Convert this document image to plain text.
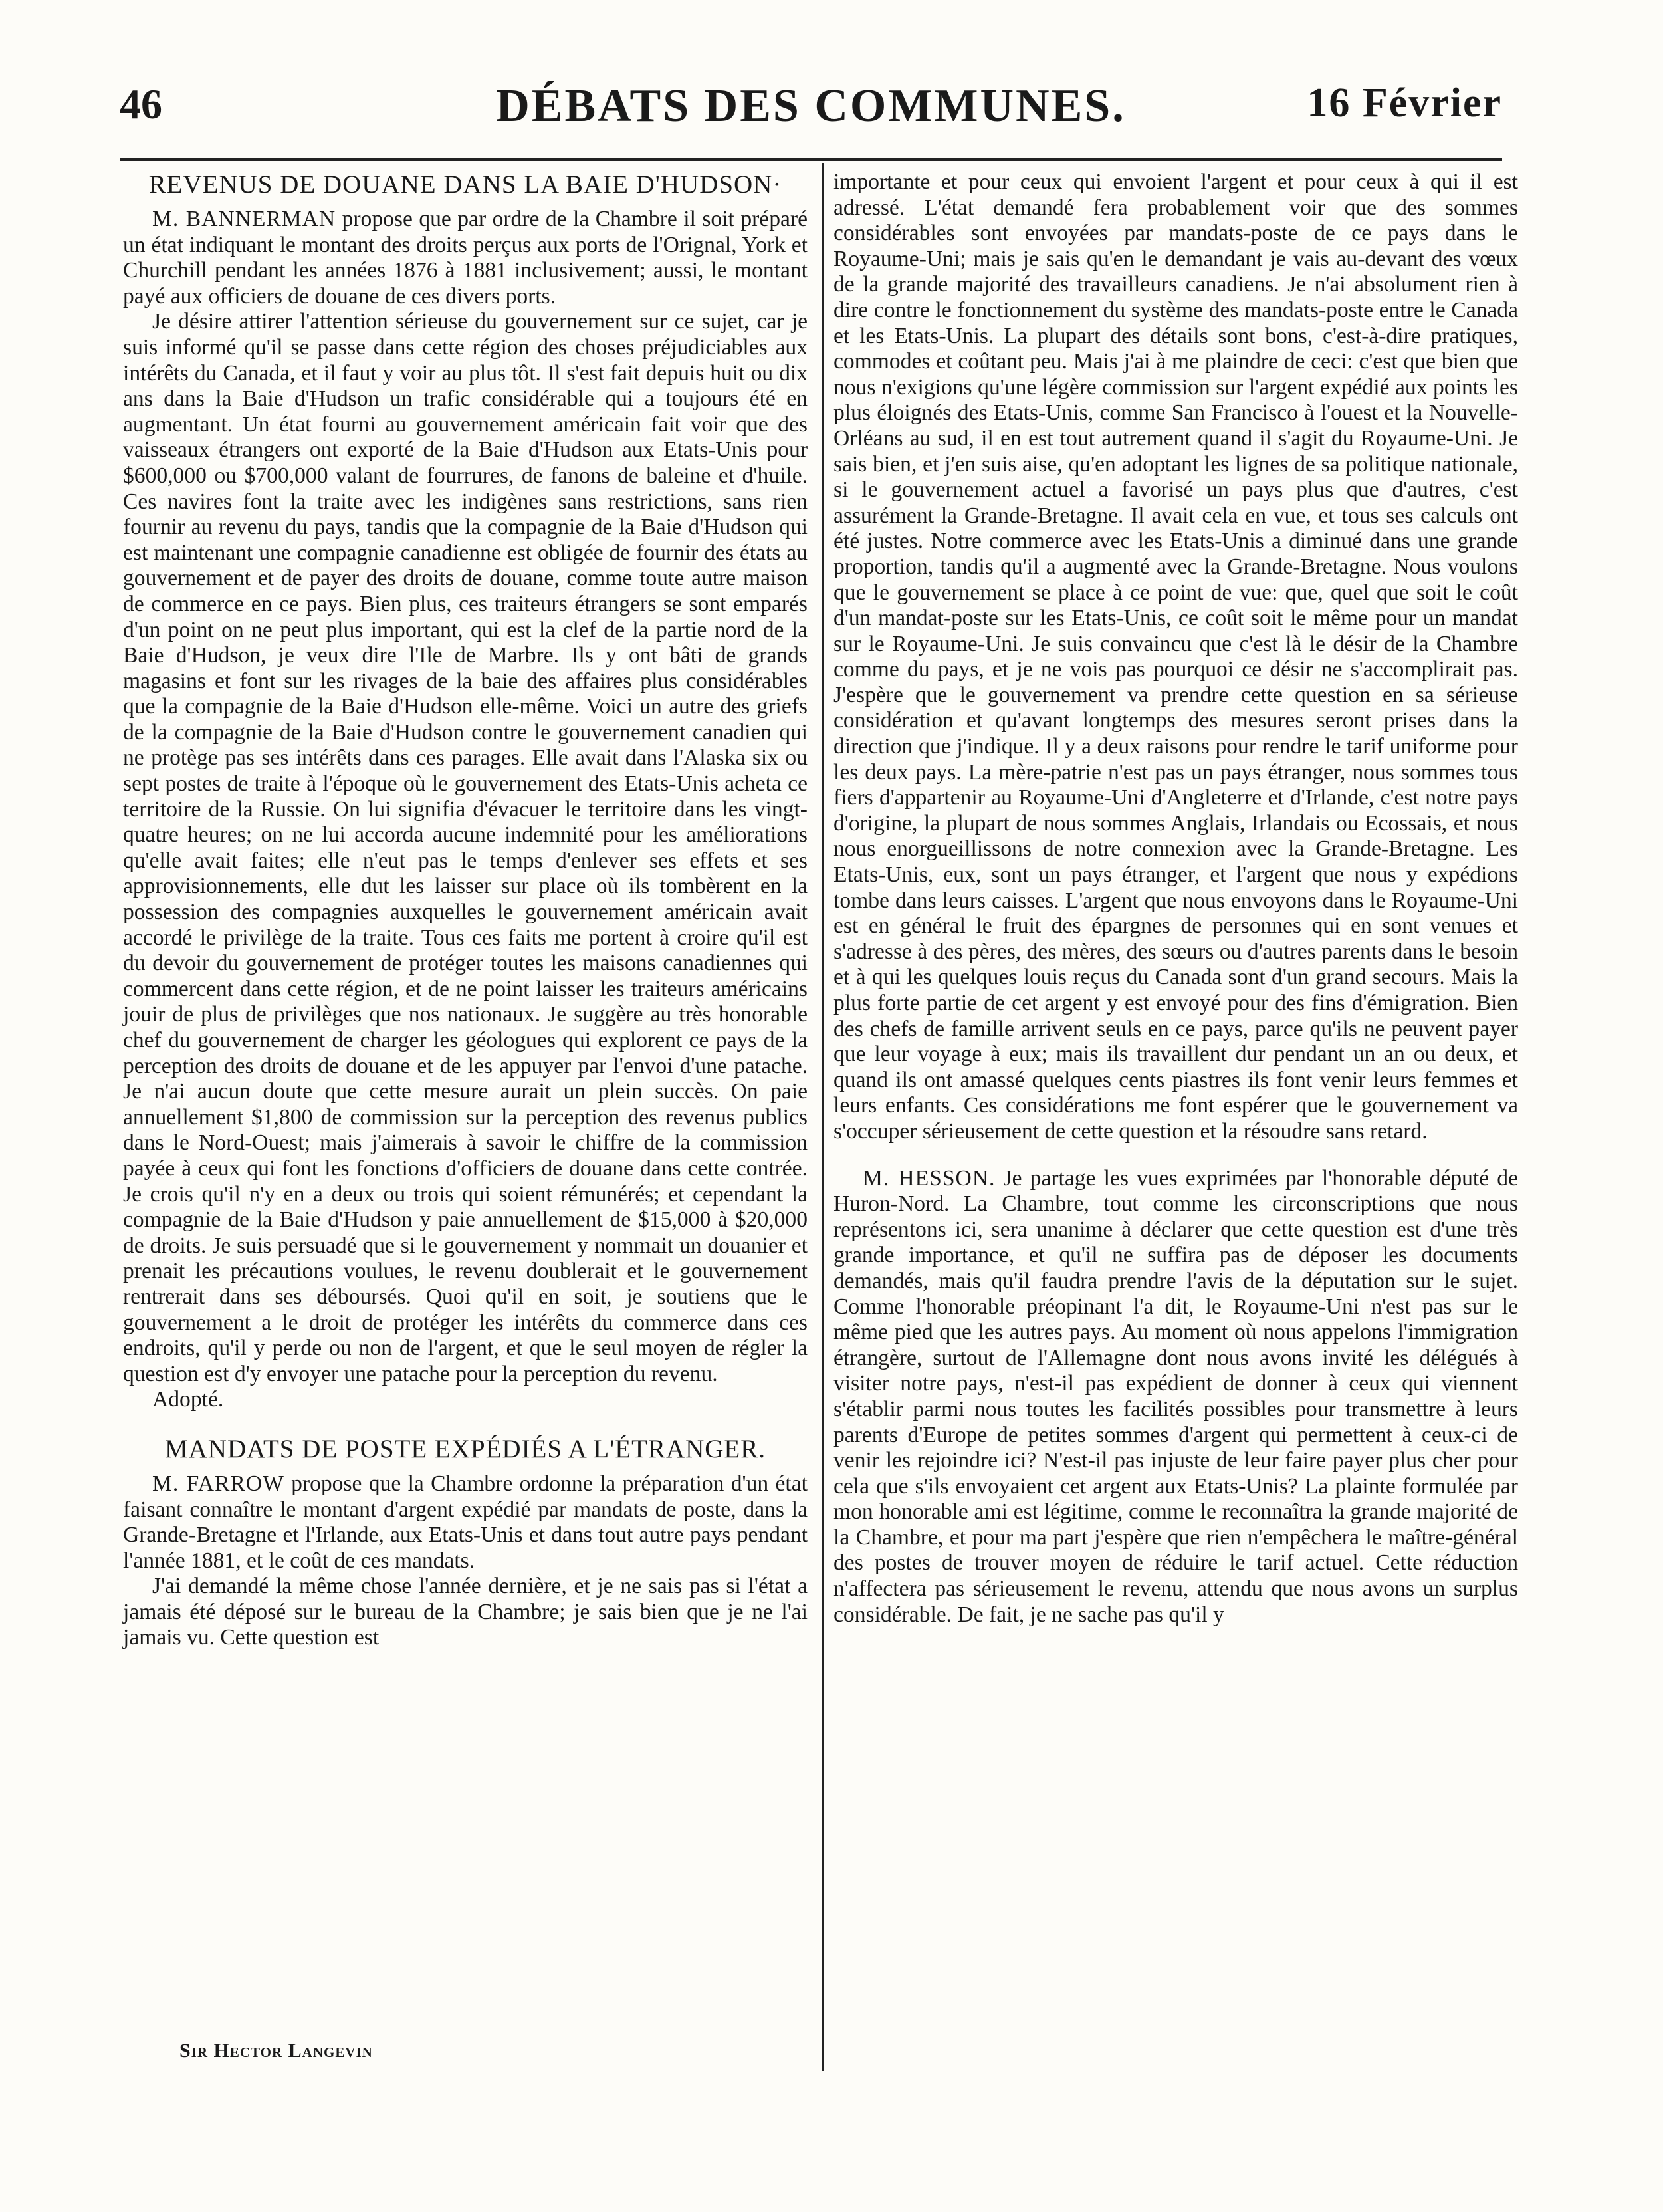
46	DÉBATS DES COMMUNES.	16 Février
REVENUS DE DOUANE DANS LA BAIE D'HUDSON·

M. BANNERMAN propose que par ordre de la Chambre il soit préparé un état indiquant le montant des droits perçus aux ports de l'Orignal, York et Churchill pendant les années 1876 à 1881 inclusivement; aussi, le montant payé aux officiers de douane de ces divers ports.

Je désire attirer l'attention sérieuse du gouvernement sur ce sujet, car je suis informé qu'il se passe dans cette région des choses préjudiciables aux intérêts du Canada, et il faut y voir au plus tôt. Il s'est fait depuis huit ou dix ans dans la Baie d'Hudson un trafic considérable qui a toujours été en augmentant. Un état fourni au gouvernement américain fait voir que des vaisseaux étrangers ont exporté de la Baie d'Hudson aux Etats-Unis pour $600,000 ou $700,000 valant de fourrures, de fanons de baleine et d'huile. Ces navires font la traite avec les indigènes sans restrictions, sans rien fournir au revenu du pays, tandis que la compagnie de la Baie d'Hudson qui est maintenant une compagnie canadienne est obligée de fournir des états au gouvernement et de payer des droits de douane, comme toute autre maison de commerce en ce pays. Bien plus, ces traiteurs étrangers se sont emparés d'un point on ne peut plus important, qui est la clef de la partie nord de la Baie d'Hudson, je veux dire l'Ile de Marbre. Ils y ont bâti de grands magasins et font sur les rivages de la baie des affaires plus considérables que la compagnie de la Baie d'Hudson elle-même. Voici un autre des griefs de la compagnie de la Baie d'Hudson contre le gouvernement canadien qui ne protège pas ses intérêts dans ces parages. Elle avait dans l'Alaska six ou sept postes de traite à l'époque où le gouvernement des Etats-Unis acheta ce territoire de la Russie. On lui signifia d'évacuer le territoire dans les vingt-quatre heures; on ne lui accorda aucune indemnité pour les améliorations qu'elle avait faites; elle n'eut pas le temps d'enlever ses effets et ses approvisionnements, elle dut les laisser sur place où ils tombèrent en la possession des compagnies auxquelles le gouvernement américain avait accordé le privilège de la traite. Tous ces faits me portent à croire qu'il est du devoir du gouvernement de protéger toutes les maisons canadiennes qui commercent dans cette région, et de ne point laisser les traiteurs américains jouir de plus de privilèges que nos nationaux. Je suggère au très honorable chef du gouvernement de charger les géologues qui explorent ce pays de la perception des droits de douane et de les appuyer par l'envoi d'une patache. Je n'ai aucun doute que cette mesure aurait un plein succès. On paie annuellement $1,800 de commission sur la perception des revenus publics dans le Nord-Ouest; mais j'aimerais à savoir le chiffre de la commission payée à ceux qui font les fonctions d'officiers de douane dans cette contrée. Je crois qu'il n'y en a deux ou trois qui soient rémunérés; et cependant la compagnie de la Baie d'Hudson y paie annuellement de $15,000 à $20,000 de droits. Je suis persuadé que si le gouvernement y nommait un douanier et prenait les précautions voulues, le revenu doublerait et le gouvernement rentrerait dans ses déboursés. Quoi qu'il en soit, je soutiens que le gouvernement a le droit de protéger les intérêts du commerce dans ces endroits, qu'il y perde ou non de l'argent, et que le seul moyen de régler la question est d'y envoyer une patache pour la perception du revenu.

Adopté.

MANDATS DE POSTE EXPÉDIÉS A L'ÉTRANGER.

M. FARROW propose que la Chambre ordonne la préparation d'un état faisant connaître le montant d'argent expédié par mandats de poste, dans la Grande-Bretagne et l'Irlande, aux Etats-Unis et dans tout autre pays pendant l'année 1881, et le coût de ces mandats.

J'ai demandé la même chose l'année dernière, et je ne sais pas si l'état a jamais été déposé sur le bureau de la Chambre; je sais bien que je ne l'ai jamais vu. Cette question est

Sir Hector Langevin

importante et pour ceux qui envoient l'argent et pour ceux à qui il est adressé. L'état demandé fera probablement voir que des sommes considérables sont envoyées par mandats-poste de ce pays dans le Royaume-Uni; mais je sais qu'en le demandant je vais au-devant des vœux de la grande majorité des travailleurs canadiens. Je n'ai absolument rien à dire contre le fonctionnement du système des mandats-poste entre le Canada et les Etats-Unis. La plupart des détails sont bons, c'est-à-dire pratiques, commodes et coûtant peu. Mais j'ai à me plaindre de ceci: c'est que bien que nous n'exigions qu'une légère commission sur l'argent expédié aux points les plus éloignés des Etats-Unis, comme San Francisco à l'ouest et la Nouvelle-Orléans au sud, il en est tout autrement quand il s'agit du Royaume-Uni. Je sais bien, et j'en suis aise, qu'en adoptant les lignes de sa politique nationale, si le gouvernement actuel a favorisé un pays plus que d'autres, c'est assurément la Grande-Bretagne. Il avait cela en vue, et tous ses calculs ont été justes. Notre commerce avec les Etats-Unis a diminué dans une grande proportion, tandis qu'il a augmenté avec la Grande-Bretagne. Nous voulons que le gouvernement se place à ce point de vue: que, quel que soit le coût d'un mandat-poste sur les Etats-Unis, ce coût soit le même pour un mandat sur le Royaume-Uni. Je suis convaincu que c'est là le désir de la Chambre comme du pays, et je ne vois pas pourquoi ce désir ne s'accomplirait pas. J'espère que le gouvernement va prendre cette question en sa sérieuse considération et qu'avant longtemps des mesures seront prises dans la direction que j'indique. Il y a deux raisons pour rendre le tarif uniforme pour les deux pays. La mère-patrie n'est pas un pays étranger, nous sommes tous fiers d'appartenir au Royaume-Uni d'Angleterre et d'Irlande, c'est notre pays d'origine, la plupart de nous sommes Anglais, Irlandais ou Ecossais, et nous nous enorgueillissons de notre connexion avec la Grande-Bretagne. Les Etats-Unis, eux, sont un pays étranger, et l'argent que nous y expédions tombe dans leurs caisses. L'argent que nous envoyons dans le Royaume-Uni est en général le fruit des épargnes de personnes qui en sont venues et s'adresse à des pères, des mères, des sœurs ou d'autres parents dans le besoin et à qui les quelques louis reçus du Canada sont d'un grand secours. Mais la plus forte partie de cet argent y est envoyé pour des fins d'émigration. Bien des chefs de famille arrivent seuls en ce pays, parce qu'ils ne peuvent payer que leur voyage à eux; mais ils travaillent dur pendant un an ou deux, et quand ils ont amassé quelques cents piastres ils font venir leurs femmes et leurs enfants. Ces considérations me font espérer que le gouvernement va s'occuper sérieusement de cette question et la résoudre sans retard.

M. HESSON. Je partage les vues exprimées par l'honorable député de Huron-Nord. La Chambre, tout comme les circonscriptions que nous représentons ici, sera unanime à déclarer que cette question est d'une très grande importance, et qu'il ne suffira pas de déposer les documents demandés, mais qu'il faudra prendre l'avis de la députation sur le sujet. Comme l'honorable préopinant l'a dit, le Royaume-Uni n'est pas sur le même pied que les autres pays. Au moment où nous appelons l'immigration étrangère, surtout de l'Allemagne dont nous avons invité les délégués à visiter notre pays, n'est-il pas expédient de donner à ceux qui viennent s'établir parmi nous toutes les facilités possibles pour transmettre à leurs parents d'Europe de petites sommes d'argent qui permettent à ceux-ci de venir les rejoindre ici? N'est-il pas injuste de leur faire payer plus cher pour cela que s'ils envoyaient cet argent aux Etats-Unis? La plainte formulée par mon honorable ami est légitime, comme le reconnaîtra la grande majorité de la Chambre, et pour ma part j'espère que rien n'empêchera le maître-général des postes de trouver moyen de réduire le tarif actuel. Cette réduction n'affectera pas sérieusement le revenu, attendu que nous avons un surplus considérable. De fait, je ne sache pas qu'il y
